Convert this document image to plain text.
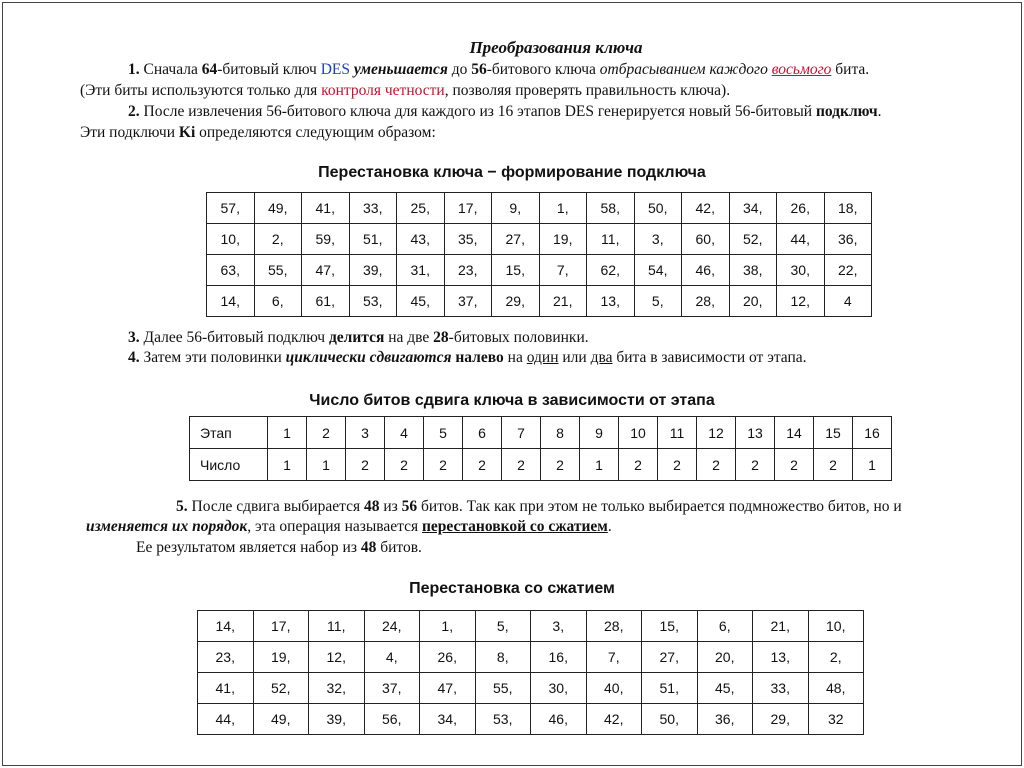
Преобразования ключа
1. Сначала 64-битовый ключ DES уменьшается до 56-битового ключа отбрасыванием каждого восьмого бита.
(Эти биты используются только для контроля четности, позволяя проверять правильность ключа).
2. После извлечения 56-битового ключа для каждого из 16 этапов DES генерируется новый 56-битовый подключ.
Эти подключи Ki определяются следующим образом:
Перестановка ключа − формирование подключа
57,	49,	41,	33,	25,	17,	9,	1,	58,	50,	42,	34,	26,	18,
10,	2,	59,	51,	43,	35,	27,	19,	11,	3,	60,	52,	44,	36,
63,	55,	47,	39,	31,	23,	15,	7,	62,	54,	46,	38,	30,	22,
14,	6,	61,	53,	45,	37,	29,	21,	13,	5,	28,	20,	12,	4
3. Далее 56-битовый подключ делится на две 28-битовых половинки.
4. Затем эти половинки циклически сдвигаются налево на один или два бита в зависимости от этапа.
Число битов сдвига ключа в зависимости от этапа
Этап	1	2	3	4	5	6	7	8	9	10	11	12	13	14	15	16
Число	1	1	2	2	2	2	2	2	1	2	2	2	2	2	2	1
5. После сдвига выбирается 48 из 56 битов. Так как при этом не только выбирается подмножество битов, но и
изменяется их порядок, эта операция называется перестановкой со сжатием.
Ее результатом является набор из 48 битов.
Перестановка со сжатием
14,	17,	11,	24,	1,	5,	3,	28,	15,	6,	21,	10,
23,	19,	12,	4,	26,	8,	16,	7,	27,	20,	13,	2,
41,	52,	32,	37,	47,	55,	30,	40,	51,	45,	33,	48,
44,	49,	39,	56,	34,	53,	46,	42,	50,	36,	29,	32
